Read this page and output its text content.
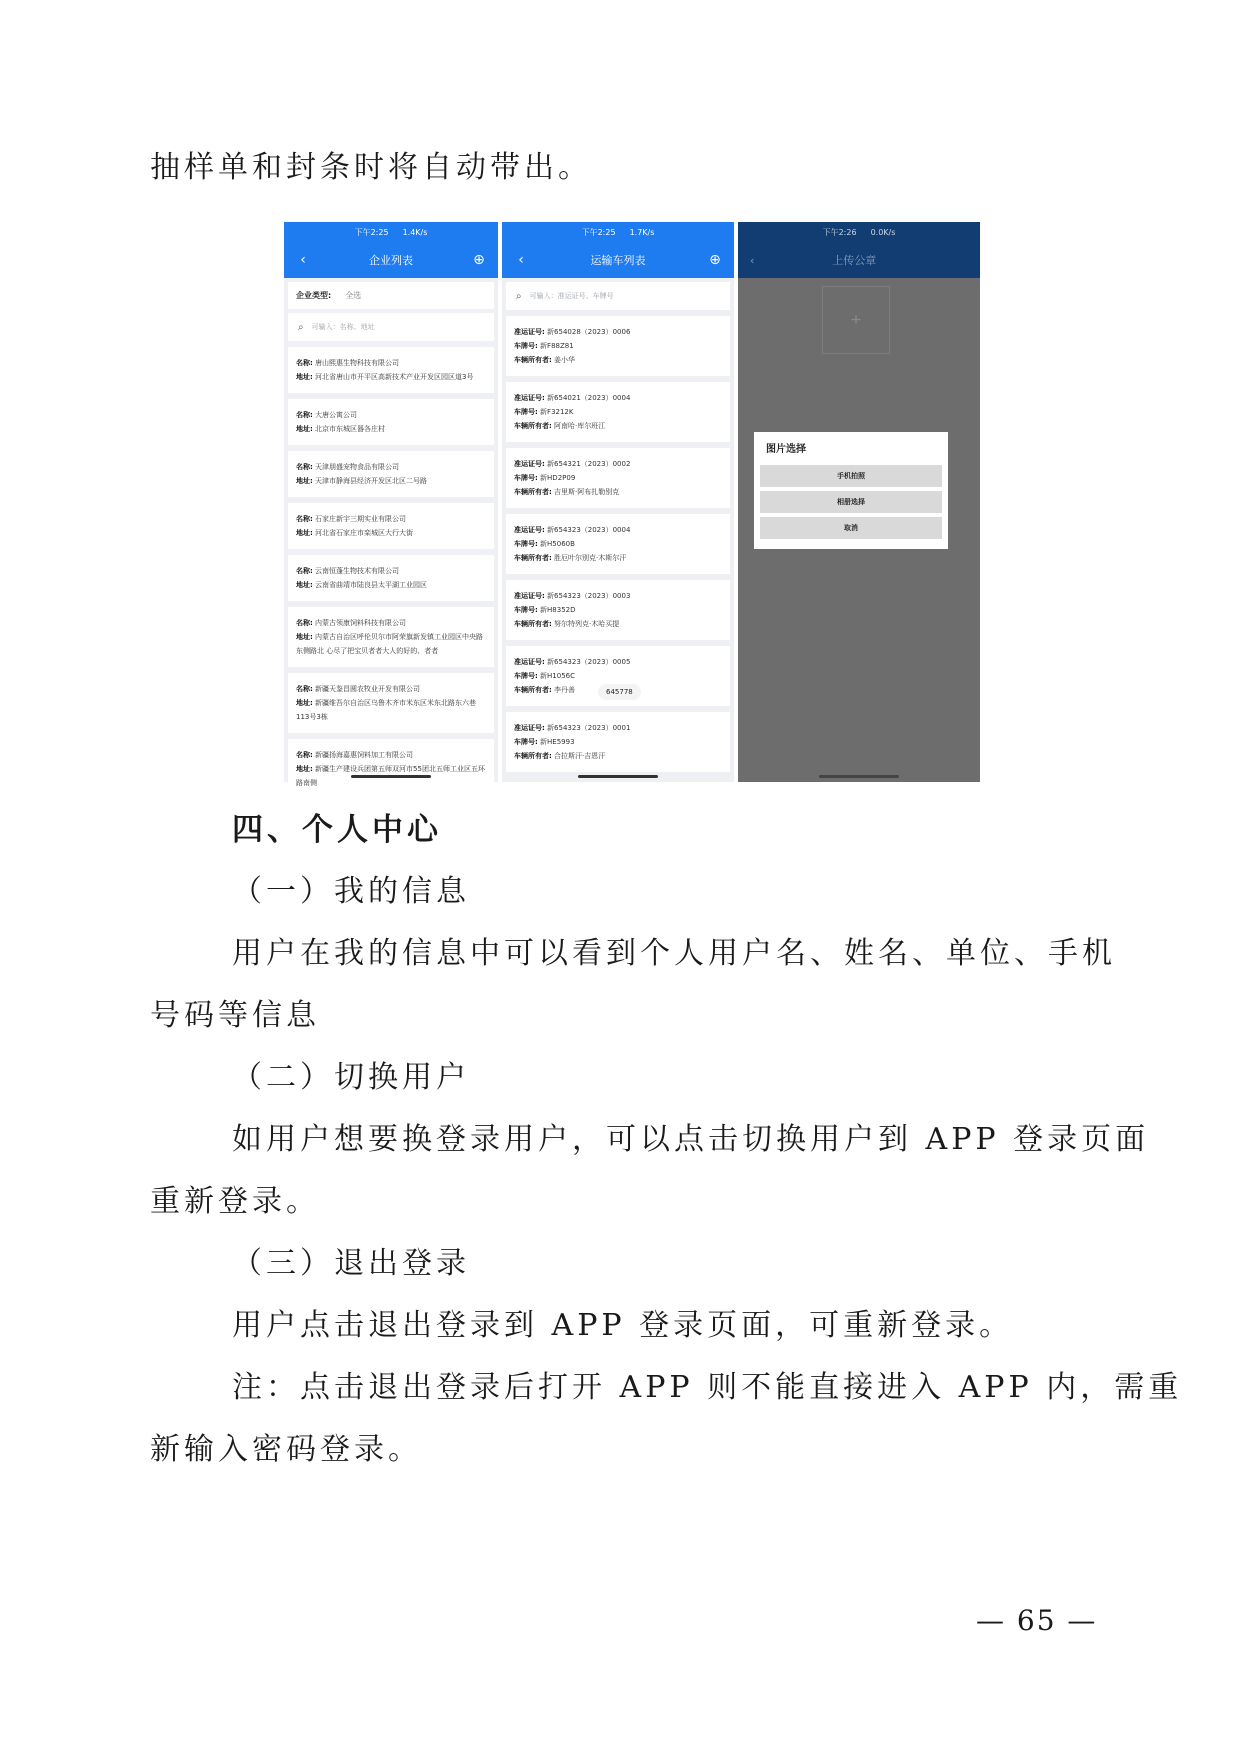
抽样单和封条时将自动带出。
下午2:25 1.4K/s
‹	企业列表	⊕
企业类型: 全选
⌕ 可输入：名称、地址
名称: 唐山熙惠生物科技有限公司
地址: 河北省唐山市开平区高新技术产业开发区园区道3号
名称: 大唐公寓公司
地址: 北京市东城区器各庄村
名称: 天津朋盛宠物食品有限公司
地址: 天津市静海县经济开发区北区二号路
名称: 石家庄新宇三期实业有限公司
地址: 河北省石家庄市栾城区大行大街
名称: 云南恒蓬生物技术有限公司
地址: 云南省曲靖市陆良县太平湖工业园区
名称: 内蒙古领康饲料科技有限公司
地址: 内蒙古自治区呼伦贝尔市阿荣旗新发镇工业园区中央路东侧路北 心尽了把宝贝者者大人的好的、者者
名称: 新疆天鉴昌圆农牧业开发有限公司
地址: 新疆维吾尔自治区乌鲁木齐市米东区米东北路东六巷113号3栋
名称: 新疆扬海嘉惠饲料加工有限公司
地址: 新疆生产建设兵团第五师双河市55团北五师工业区五环路南侧
下午2:25 1.7K/s
‹	运输车列表	⊕
⌕ 可输入：准运证号、车牌号
准运证号: 新654028（2023）0006
车牌号: 新F88Z81
车辆所有者: 姜小华
准运证号: 新654021（2023）0004
车牌号: 新F3212K
车辆所有者: 阿南哈·库尔班江
准运证号: 新654321（2023）0002
车牌号: 新HD2P09
车辆所有者: 吉里斯·阿布扎勒别克
准运证号: 新654323（2023）0004
车牌号: 新H5060B
车辆所有者: 胜厄叶尔别克·木斯尔汗
准运证号: 新654323（2023）0003
车牌号: 新H8352D
车辆所有者: 努尔特列克·木哈买提
准运证号: 新654323（2023）0005
车牌号: 新H1056C
车辆所有者: 李丹善
准运证号: 新654323（2023）0001
车牌号: 新HE5993
车辆所有者: 合拉斯汗·吉恩汗
645778
下午2:26 0.0K/s
‹	上传公章
+
图片选择
手机拍照
相册选择
取消
四、个人中心
（一）我的信息
用户在我的信息中可以看到个人用户名、姓名、单位、手机
号码等信息
（二）切换用户
如用户想要换登录用户，可以点击切换用户到 APP 登录页面
重新登录。
（三）退出登录
用户点击退出登录到 APP 登录页面，可重新登录。
注：点击退出登录后打开 APP 则不能直接进入 APP 内，需重
新输入密码登录。
— 65 —
